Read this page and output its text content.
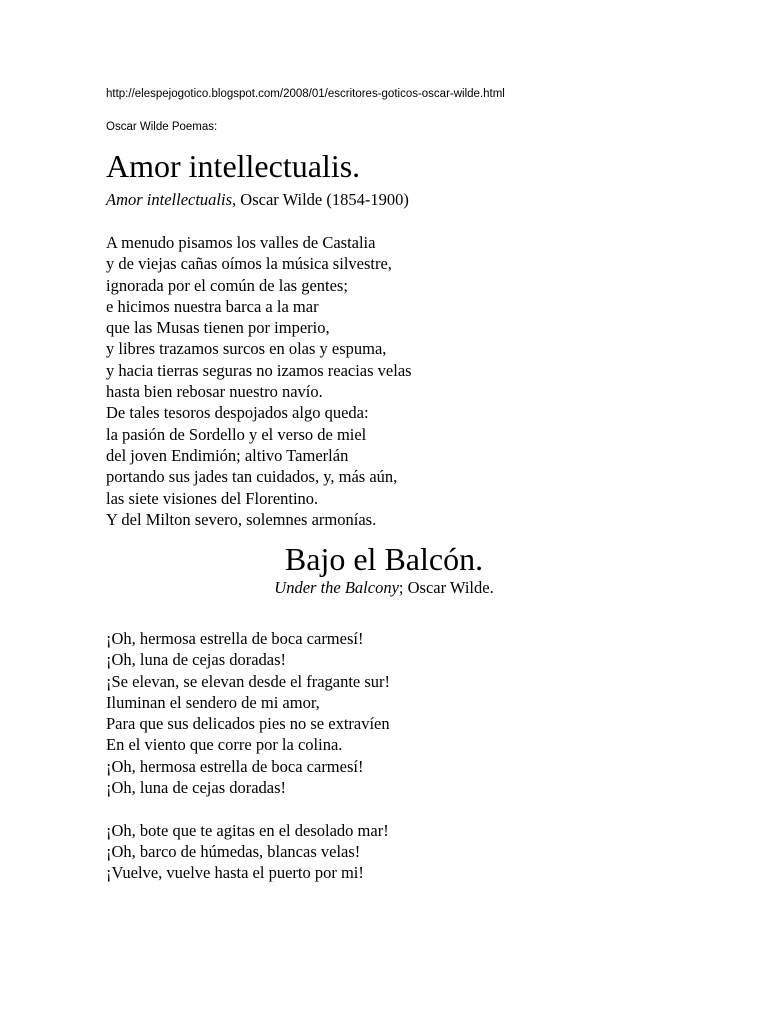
http://elespejogotico.blogspot.com/2008/01/escritores-goticos-oscar-wilde.html
Oscar Wilde Poemas:
Amor intellectualis.
Amor intellectualis, Oscar Wilde (1854-1900)
A menudo pisamos los valles de Castalia
y de viejas cañas oímos la música silvestre,
ignorada por el común de las gentes;
e hicimos nuestra barca a la mar
que las Musas tienen por imperio,
y libres trazamos surcos en olas y espuma,
y hacia tierras seguras no izamos reacias velas
hasta bien rebosar nuestro navío.
De tales tesoros despojados algo queda:
la pasión de Sordello y el verso de miel
del joven Endimión; altivo Tamerlán
portando sus jades tan cuidados, y, más aún,
las siete visiones del Florentino.
Y del Milton severo, solemnes armonías.
Bajo el Balcón.
Under the Balcony; Oscar Wilde.
¡Oh, hermosa estrella de boca carmesí!
¡Oh, luna de cejas doradas!
¡Se elevan, se elevan desde el fragante sur!
Iluminan el sendero de mi amor,
Para que sus delicados pies no se extravíen
En el viento que corre por la colina.
¡Oh, hermosa estrella de boca carmesí!
¡Oh, luna de cejas doradas!
¡Oh, bote que te agitas en el desolado mar!
¡Oh, barco de húmedas, blancas velas!
¡Vuelve, vuelve hasta el puerto por mi!
